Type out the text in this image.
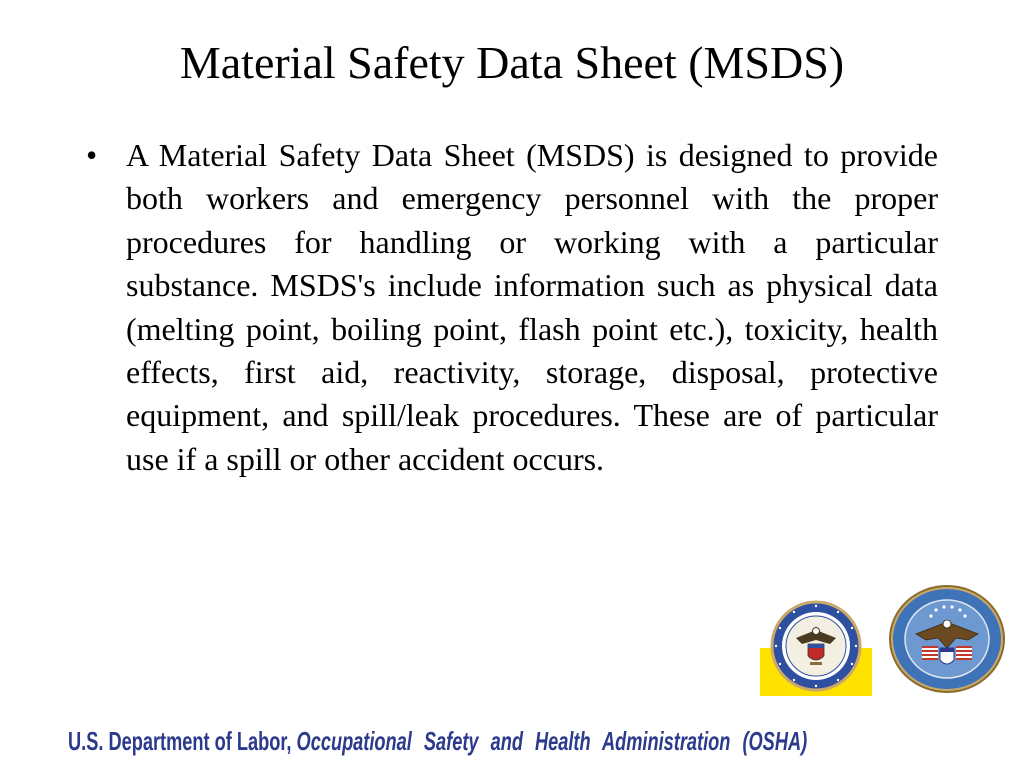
Material Safety Data Sheet (MSDS)
• A Material Safety Data Sheet (MSDS) is designed to provide both workers and emergency personnel with the proper procedures for handling or working with a particular substance. MSDS's include information such as physical data (melting point, boiling point, flash point etc.), toxicity, health effects, first aid, reactivity, storage, disposal, protective equipment, and spill/leak procedures. These are of particular use if a spill or other accident occurs.
U.S. Department of Labor, Occupational Safety and Health Administration (OSHA)
